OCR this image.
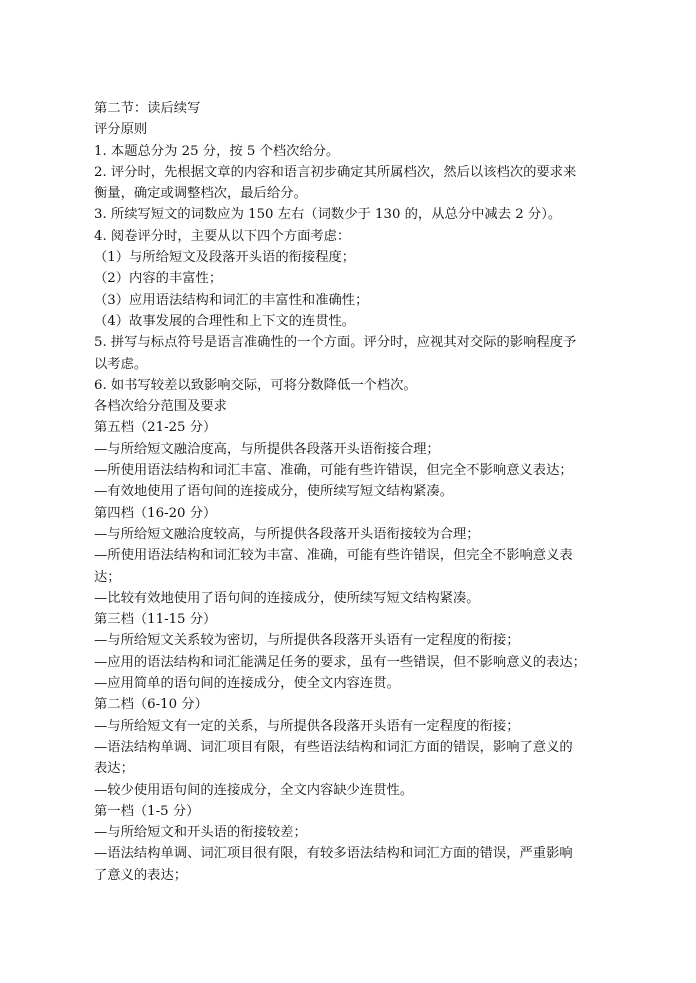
第二节：读后续写
评分原则
1. 本题总分为 25 分，按 5 个档次给分。
2. 评分时，先根据文章的内容和语言初步确定其所属档次，然后以该档次的要求来
衡量，确定或调整档次，最后给分。
3. 所续写短文的词数应为 150 左右（词数少于 130 的，从总分中减去 2 分）。
4. 阅卷评分时，主要从以下四个方面考虑：
（1）与所给短文及段落开头语的衔接程度；
（2）内容的丰富性；
（3）应用语法结构和词汇的丰富性和准确性；
（4）故事发展的合理性和上下文的连贯性。
5. 拼写与标点符号是语言准确性的一个方面。评分时，应视其对交际的影响程度予
以考虑。
6. 如书写较差以致影响交际，可将分数降低一个档次。
各档次给分范围及要求
第五档（21-25 分）
—与所给短文融洽度高，与所提供各段落开头语衔接合理；
—所使用语法结构和词汇丰富、准确，可能有些许错误，但完全不影响意义表达；
—有效地使用了语句间的连接成分，使所续写短文结构紧凑。
第四档（16-20 分）
—与所给短文融洽度较高，与所提供各段落开头语衔接较为合理；
—所使用语法结构和词汇较为丰富、准确，可能有些许错误，但完全不影响意义表
达；
—比较有效地使用了语句间的连接成分，使所续写短文结构紧凑。
第三档（11-15 分）
—与所给短文关系较为密切，与所提供各段落开头语有一定程度的衔接；
—应用的语法结构和词汇能满足任务的要求，虽有一些错误，但不影响意义的表达；
—应用简单的语句间的连接成分，使全文内容连贯。
第二档（6-10 分）
—与所给短文有一定的关系，与所提供各段落开头语有一定程度的衔接；
—语法结构单调、词汇项目有限，有些语法结构和词汇方面的错误，影响了意义的
表达；
—较少使用语句间的连接成分，全文内容缺少连贯性。
第一档（1-5 分）
—与所给短文和开头语的衔接较差；
—语法结构单调、词汇项目很有限，有较多语法结构和词汇方面的错误，严重影响
了意义的表达；
